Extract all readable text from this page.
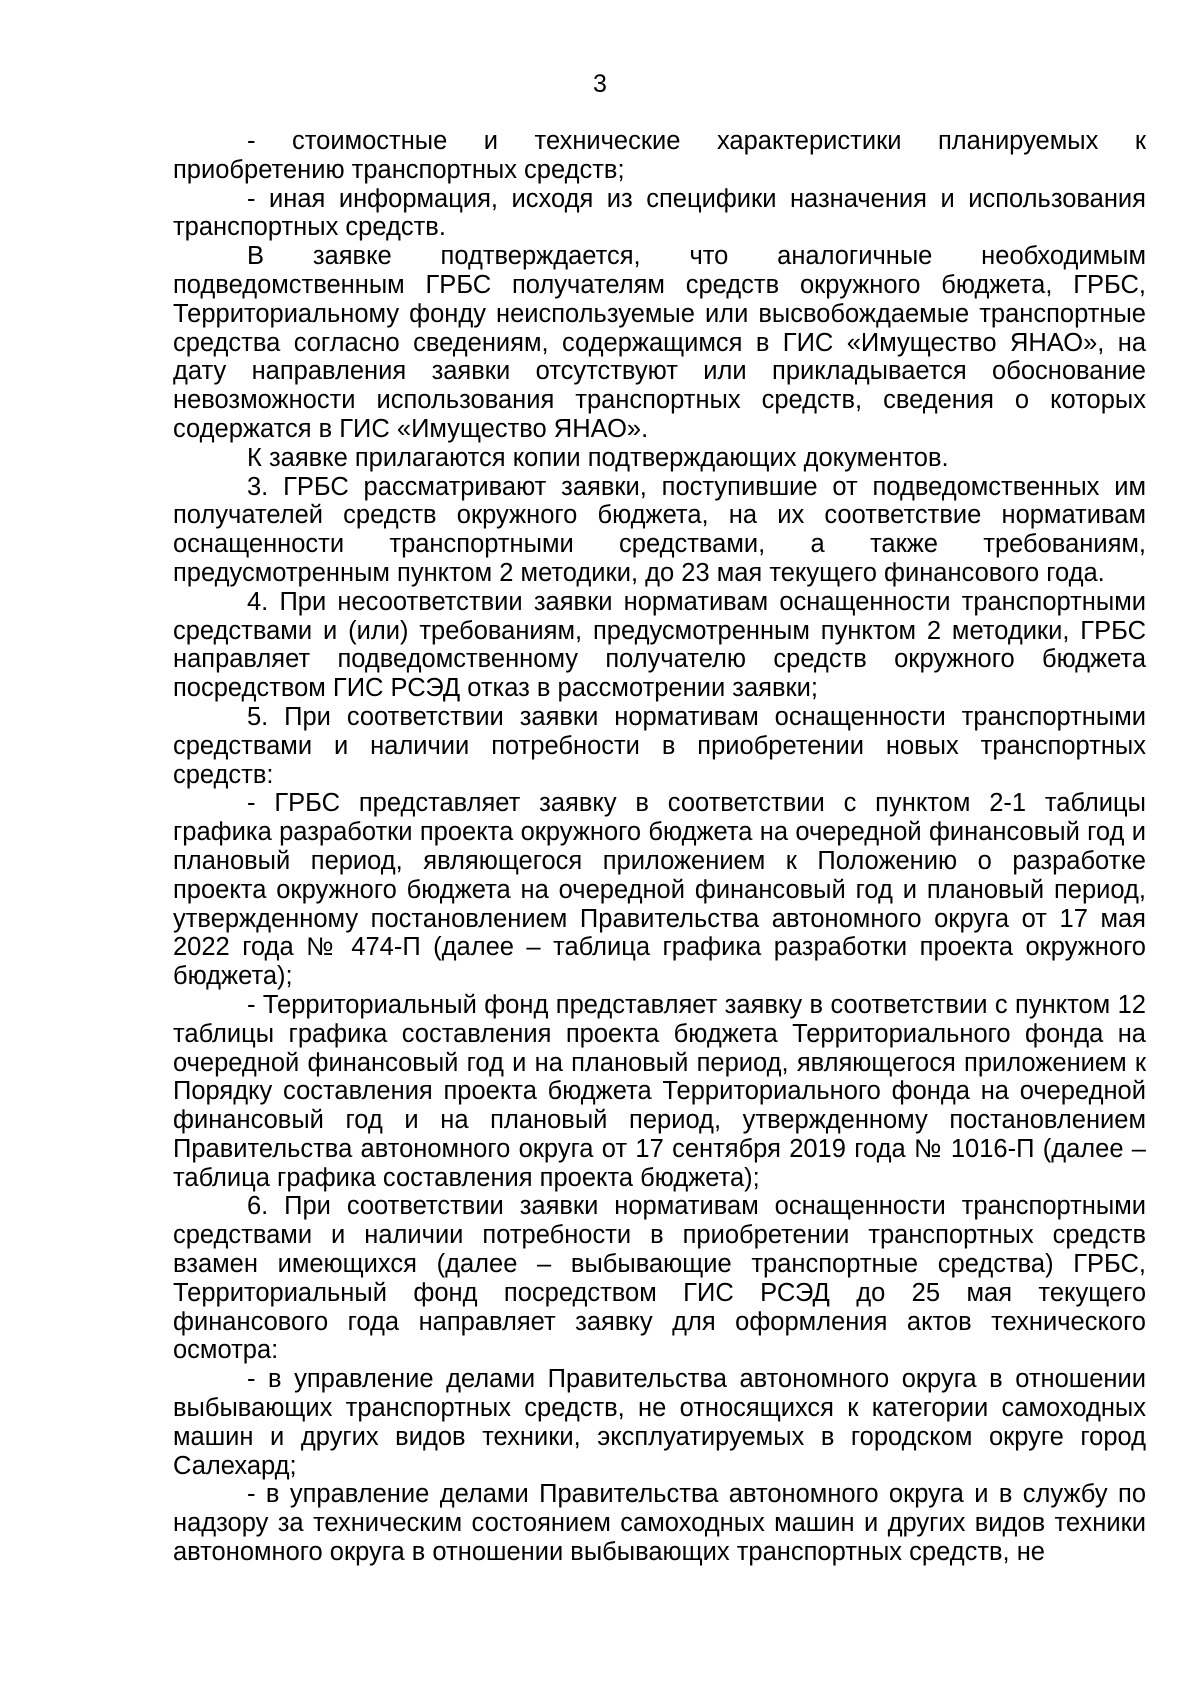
3

- стоимостные и технические характеристики планируемых к приобретению транспортных средств;

- иная информация, исходя из специфики назначения и использования транспортных средств.

В заявке подтверждается, что аналогичные необходимым подведомственным ГРБС получателям средств окружного бюджета, ГРБС, Территориальному фонду неиспользуемые или высвобождаемые транспортные средства согласно сведениям, содержащимся в ГИС «Имущество ЯНАО», на дату направления заявки отсутствуют или прикладывается обоснование невозможности использования транспортных средств, сведения о которых содержатся в ГИС «Имущество ЯНАО».

К заявке прилагаются копии подтверждающих документов.

3. ГРБС рассматривают заявки, поступившие от подведомственных им получателей средств окружного бюджета, на их соответствие нормативам оснащенности транспортными средствами, а также требованиям, предусмотренным пунктом 2 методики, до 23 мая текущего финансового года.

4. При несоответствии заявки нормативам оснащенности транспортными средствами и (или) требованиям, предусмотренным пунктом 2 методики, ГРБС направляет подведомственному получателю средств окружного бюджета посредством ГИС РСЭД отказ в рассмотрении заявки;

5. При соответствии заявки нормативам оснащенности транспортными средствами и наличии потребности в приобретении новых транспортных средств:

- ГРБС представляет заявку в соответствии с пунктом 2-1 таблицы графика разработки проекта окружного бюджета на очередной финансовый год и плановый период, являющегося приложением к Положению о разработке проекта окружного бюджета на очередной финансовый год и плановый период, утвержденному постановлением Правительства автономного округа от 17 мая 2022 года № 474-П (далее – таблица графика разработки проекта окружного бюджета);

- Территориальный фонд представляет заявку в соответствии с пунктом 12 таблицы графика составления проекта бюджета Территориального фонда на очередной финансовый год и на плановый период, являющегося приложением к Порядку составления проекта бюджета Территориального фонда на очередной финансовый год и на плановый период, утвержденному постановлением Правительства автономного округа от 17 сентября 2019 года № 1016-П (далее – таблица графика составления проекта бюджета);

6. При соответствии заявки нормативам оснащенности транспортными средствами и наличии потребности в приобретении транспортных средств взамен имеющихся (далее – выбывающие транспортные средства) ГРБС, Территориальный фонд посредством ГИС РСЭД до 25 мая текущего финансового года направляет заявку для оформления актов технического осмотра:

- в управление делами Правительства автономного округа в отношении выбывающих транспортных средств, не относящихся к категории самоходных машин и других видов техники, эксплуатируемых в городском округе город Салехард;

- в управление делами Правительства автономного округа и в службу по надзору за техническим состоянием самоходных машин и других видов техники автономного округа в отношении выбывающих транспортных средств, не
